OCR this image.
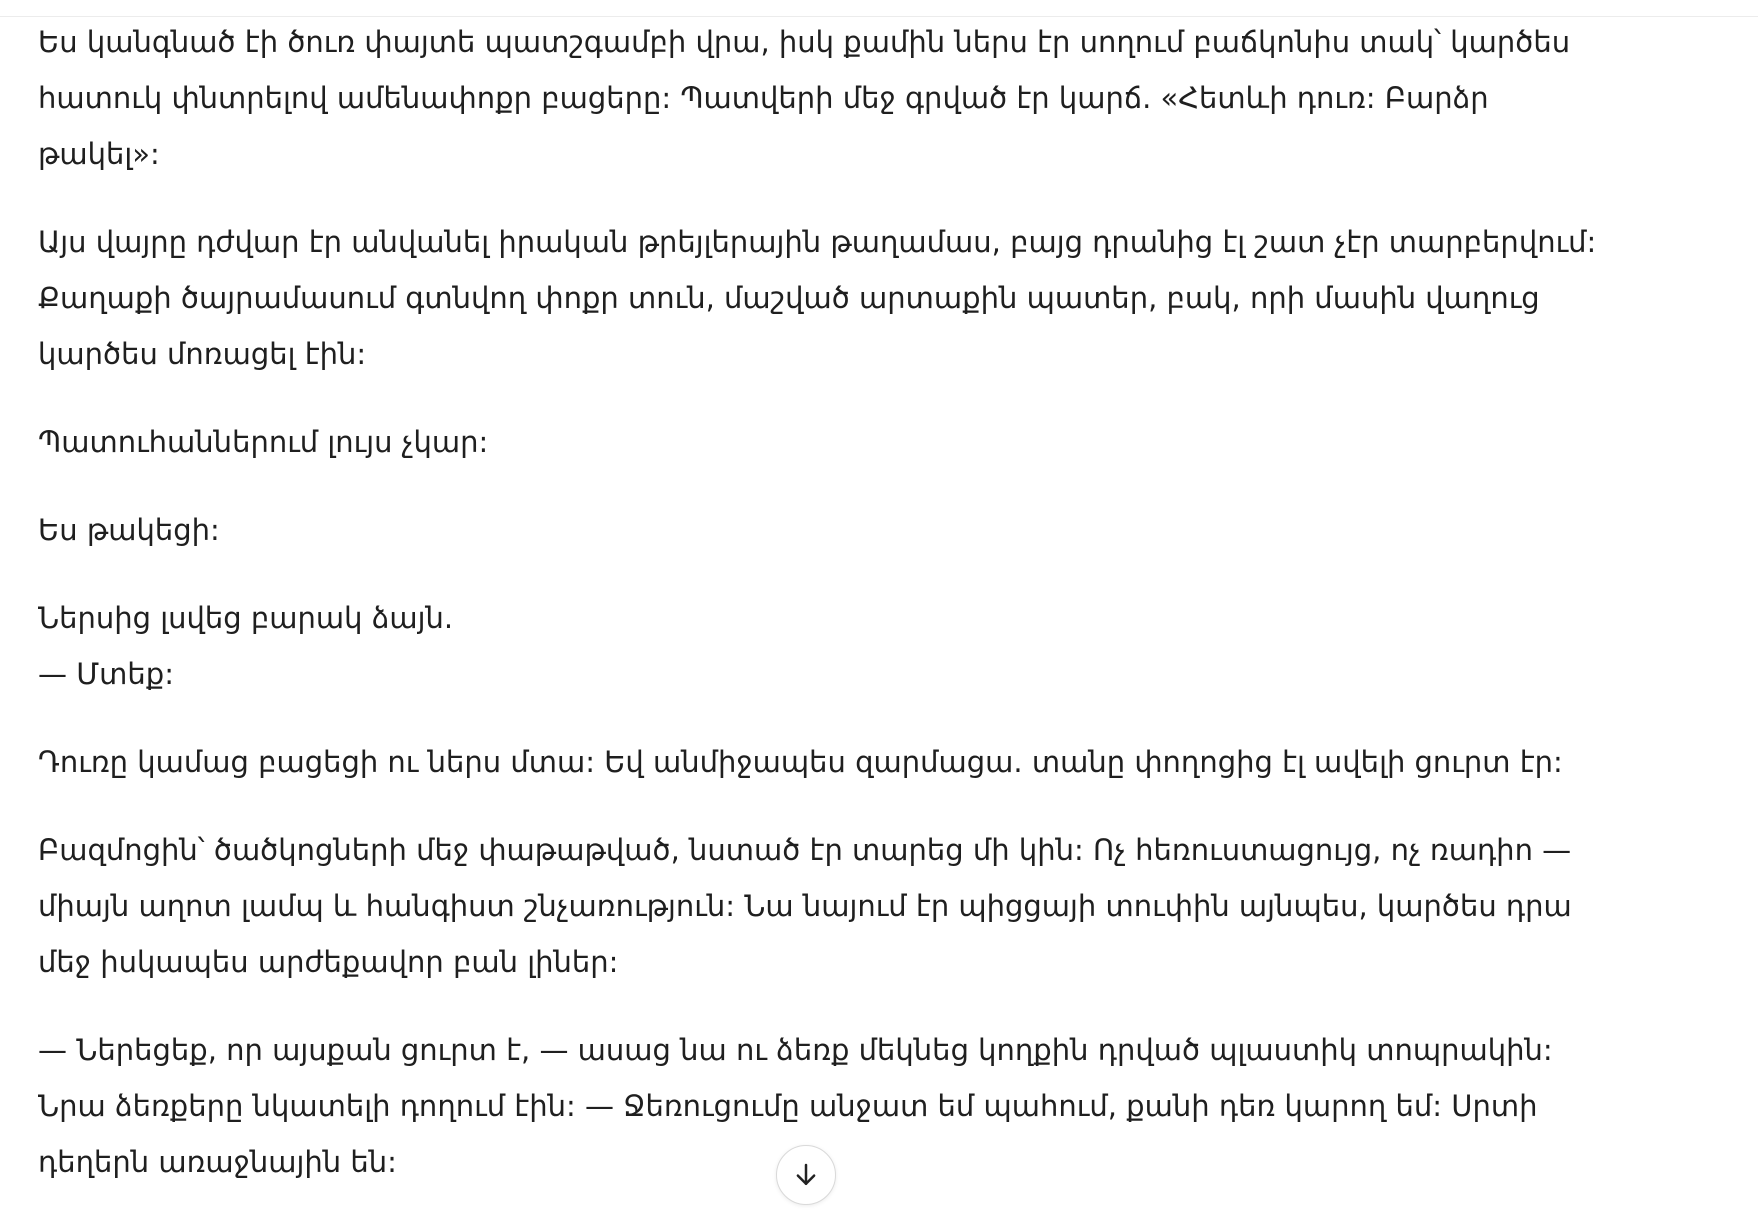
Ես կանգնած էի ծուռ փայտե պատշգամբի վրա, իսկ քամին ներս էր սողում բաճկոնիս տակ՝ կարծես հատուկ փնտրելով ամենափոքր բացերը: Պատվերի մեջ գրված էր կարճ. «Հետևի դուռ: Բարձր թակել»:

Այս վայրը դժվար էր անվանել իրական թրեյլերային թաղամաս, բայց դրանից էլ շատ չէր տարբերվում: Քաղաքի ծայրամասում գտնվող փոքր տուն, մաշված արտաքին պատեր, բակ, որի մասին վաղուց կարծես մոռացել էին:

Պատուհաններում լույս չկար:

Ես թակեցի:

Ներսից լսվեց բարակ ձայն.

— Մտեք:

Դուռը կամաց բացեցի ու ներս մտա: Եվ անմիջապես զարմացա. տանը փողոցից էլ ավելի ցուրտ էր:

Բազմոցին՝ ծածկոցների մեջ փաթաթված, նստած էր տարեց մի կին: Ոչ հեռուստացույց, ոչ ռադիո — միայն աղոտ լամպ և հանգիստ շնչառություն: Նա նայում էր պիցցայի տուփին այնպես, կարծես դրա մեջ իսկապես արժեքավոր բան լիներ:

— Ներեցեք, որ այսքան ցուրտ է, — ասաց նա ու ձեռք մեկնեց կողքին դրված պլաստիկ տոպրակին: Նրա ձեռքերը նկատելի դողում էին: — Ջեռուցումը անջատ եմ պահում, քանի դեռ կարող եմ: Սրտի դեղերն առաջնային են:
